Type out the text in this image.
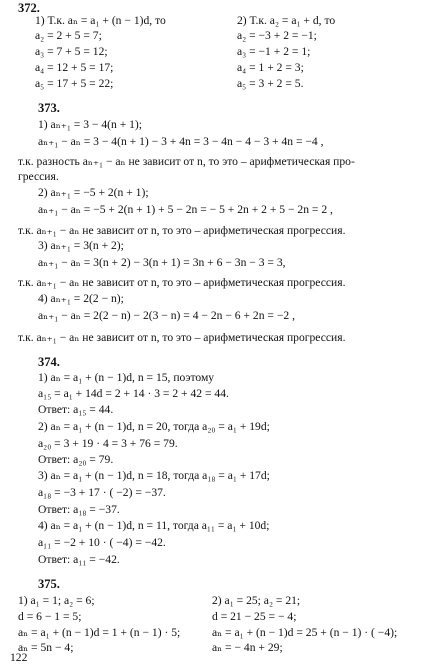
372.
1) Т.к. aₙ = a₁ + (n − 1)d, то
a₂ = 2 + 5 = 7;
a₃ = 7 + 5 = 12;
a₄ = 12 + 5 = 17;
a₅ = 17 + 5 = 22;
2) Т.к. a₂ = a₁ + d, то
a₂ = −3 + 2 = −1;
a₃ = −1 + 2 = 1;
a₄ = 1 + 2 = 3;
a₅ = 3 + 2 = 5.
373.
1) aₙ₊₁ = 3 − 4(n + 1);
aₙ₊₁ − aₙ = 3 − 4(n + 1) − 3 + 4n = 3 − 4n − 4 − 3 + 4n = −4 ,
т.к. разность aₙ₊₁ − aₙ не зависит от n, то это – арифметическая про-
грессия.
2) aₙ₊₁ = −5 + 2(n + 1);
aₙ₊₁ − aₙ = −5 + 2(n + 1) + 5 − 2n = − 5 + 2n + 2 + 5 − 2n = 2 ,
т.к. aₙ₊₁ − aₙ не зависит от n, то это – арифметическая прогрессия.
3) aₙ₊₁ = 3(n + 2);
aₙ₊₁ − aₙ = 3(n + 2) − 3(n + 1) = 3n + 6 − 3n − 3 = 3,
т.к. aₙ₊₁ − aₙ не зависит от n, то это – арифметическая прогрессия.
4) aₙ₊₁ = 2(2 − n);
aₙ₊₁ − aₙ = 2(2 − n) − 2(3 − n) = 4 − 2n − 6 + 2n = −2 ,
т.к. aₙ₊₁ − aₙ не зависит от n, то это – арифметическая прогрессия.
374.
1) aₙ = a₁ + (n − 1)d, n = 15, поэтому
a₁₅ = a₁ + 14d = 2 + 14 · 3 = 2 + 42 = 44.
Ответ: a₁₅ = 44.
2) aₙ = a₁ + (n − 1)d, n = 20, тогда a₂₀ = a₁ + 19d;
a₂₀ = 3 + 19 · 4 = 3 + 76 = 79.
Ответ: a₂₀ = 79.
3) aₙ = a₁ + (n − 1)d, n = 18, тогда a₁₈ = a₁ + 17d;
a₁₈ = −3 + 17 · ( −2) = −37.
Ответ: a₁₈ = −37.
4) aₙ = a₁ + (n − 1)d, n = 11, тогда a₁₁ = a₁ + 10d;
a₁₁ = −2 + 10 · ( −4) = −42.
Ответ: a₁₁ = −42.
375.
1) a₁ = 1; a₂ = 6;
d = 6 − 1 = 5;
aₙ = a₁ + (n − 1)d = 1 + (n − 1) · 5;
aₙ = 5n − 4;
2) a₁ = 25; a₂ = 21;
d = 21 − 25 = − 4;
aₙ = a₁ + (n − 1)d = 25 + (n − 1) · ( −4);
aₙ = − 4n + 29;
122
